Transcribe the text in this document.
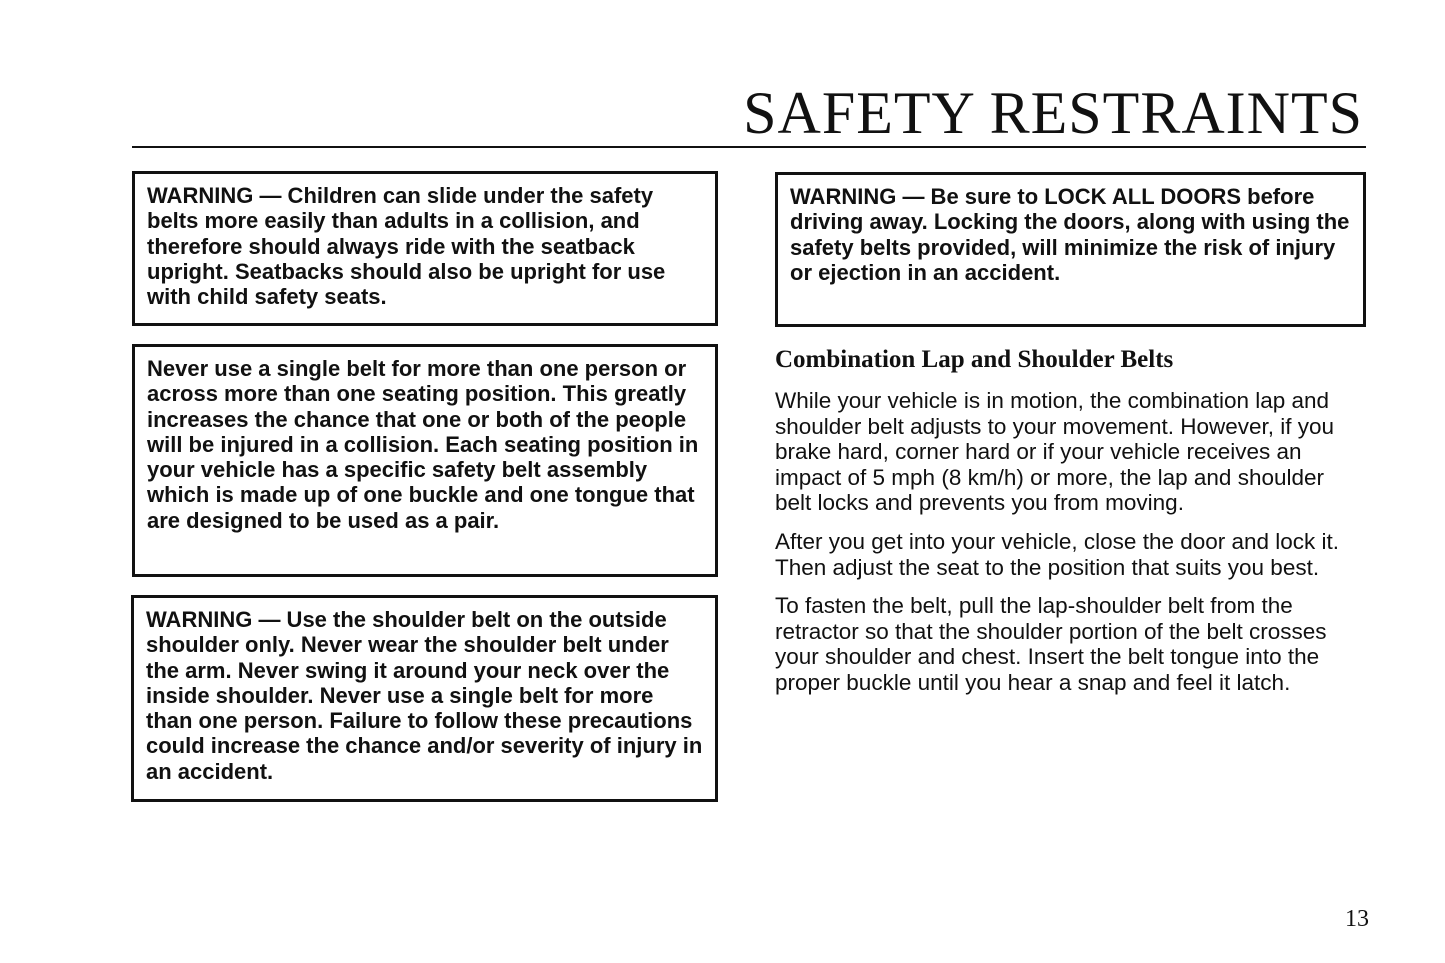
SAFETY RESTRAINTS

WARNING — Children can slide under the safety belts more easily than adults in a collision, and therefore should always ride with the seatback upright. Seatbacks should also be upright for use with child safety seats.

Never use a single belt for more than one person or across more than one seating position. This greatly increases the chance that one or both of the people will be injured in a collision. Each seating position in your vehicle has a specific safety belt assembly which is made up of one buckle and one tongue that are designed to be used as a pair.

WARNING — Use the shoulder belt on the outside shoulder only. Never wear the shoulder belt under the arm. Never swing it around your neck over the inside shoulder. Never use a single belt for more than one person. Failure to follow these precautions could increase the chance and/or severity of injury in an accident.

WARNING — Be sure to LOCK ALL DOORS before driving away. Locking the doors, along with using the safety belts provided, will minimize the risk of injury or ejection in an accident.

Combination Lap and Shoulder Belts

While your vehicle is in motion, the combination lap and shoulder belt adjusts to your movement. However, if you brake hard, corner hard or if your vehicle receives an impact of 5 mph (8 km/h) or more, the lap and shoulder belt locks and prevents you from moving.

After you get into your vehicle, close the door and lock it. Then adjust the seat to the position that suits you best.

To fasten the belt, pull the lap-shoulder belt from the retractor so that the shoulder portion of the belt crosses your shoulder and chest. Insert the belt tongue into the proper buckle until you hear a snap and feel it latch.

13
